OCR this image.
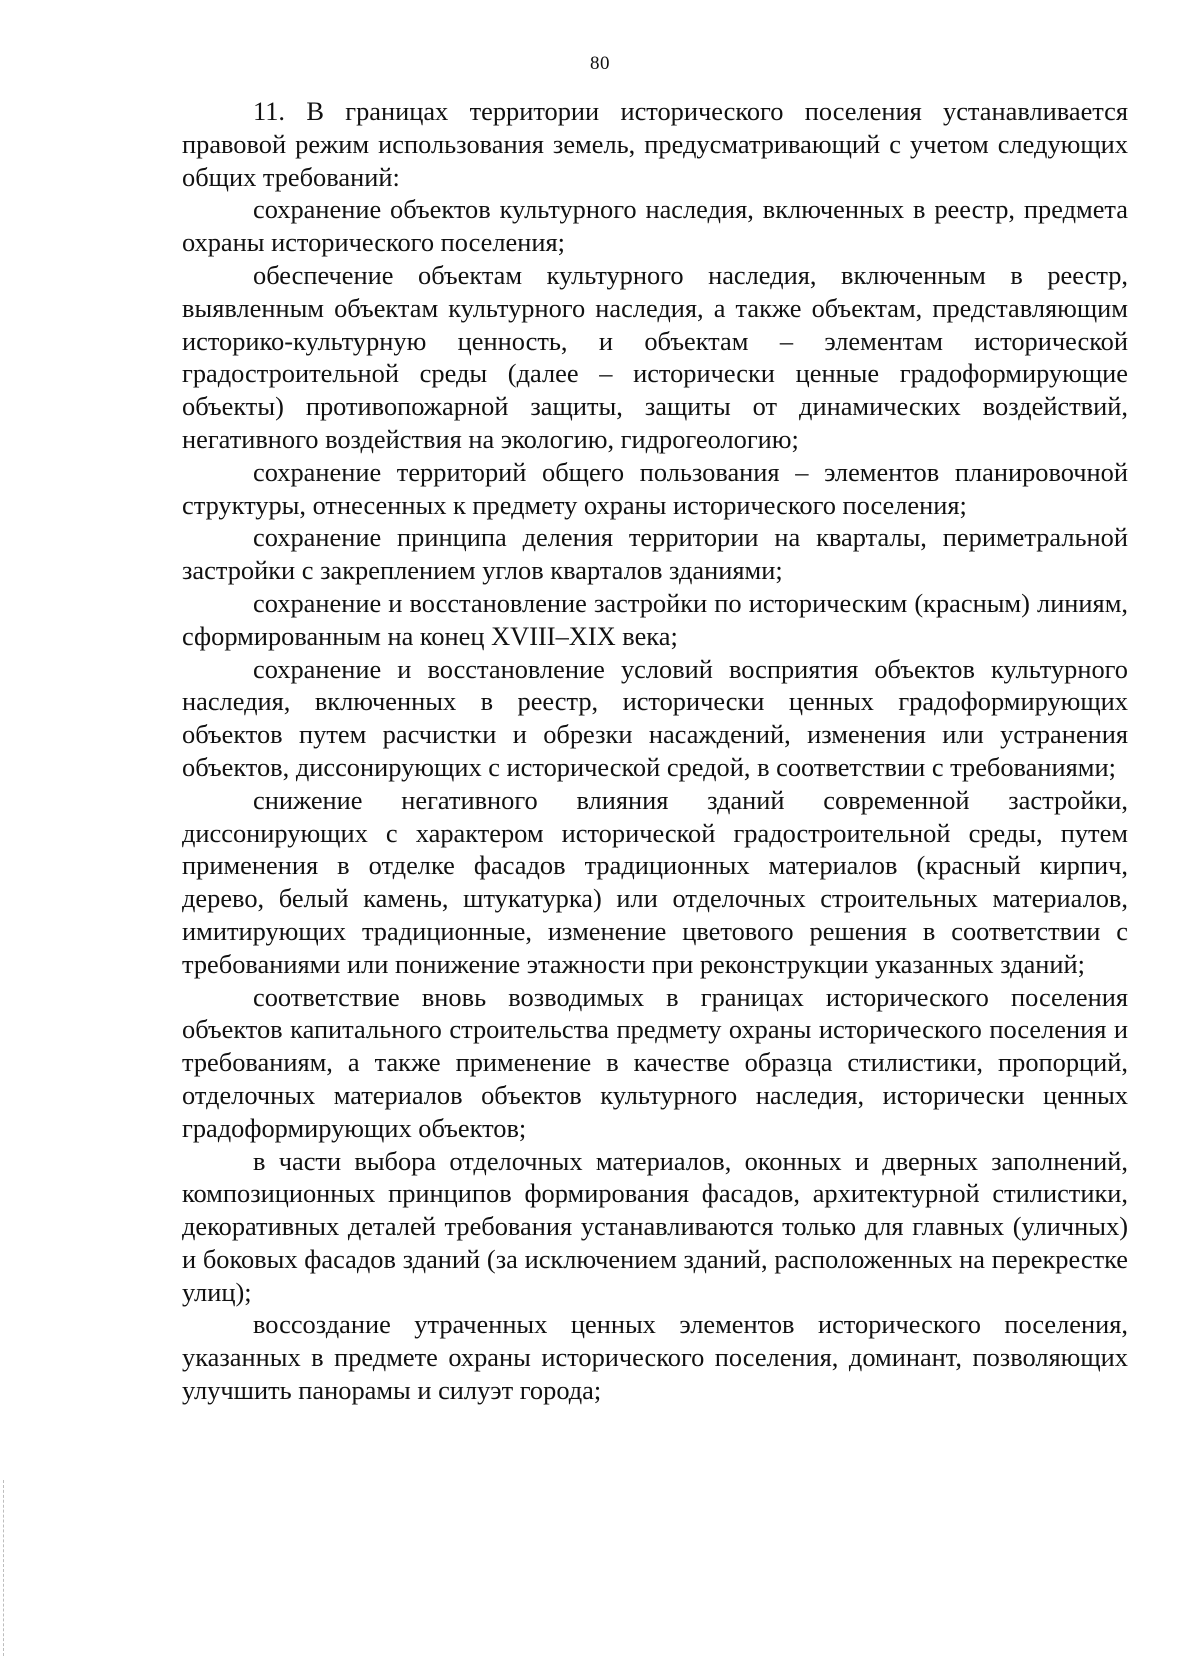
80

11. В границах территории исторического поселения устанавливается правовой режим использования земель, предусматривающий с учетом следующих общих требований:

сохранение объектов культурного наследия, включенных в реестр, предмета охраны исторического поселения;

обеспечение объектам культурного наследия, включенным в реестр, выявленным объектам культурного наследия, а также объектам, представляющим историко-культурную ценность, и объектам – элементам исторической градостроительной среды (далее – исторически ценные градоформирующие объекты) противопожарной защиты, защиты от динамических воздействий, негативного воздействия на экологию, гидрогеологию;

сохранение территорий общего пользования – элементов планировочной структуры, отнесенных к предмету охраны исторического поселения;

сохранение принципа деления территории на кварталы, периметральной застройки с закреплением углов кварталов зданиями;

сохранение и восстановление застройки по историческим (красным) линиям, сформированным на конец XVIII–XIX века;

сохранение и восстановление условий восприятия объектов культурного наследия, включенных в реестр, исторически ценных градоформирующих объектов путем расчистки и обрезки насаждений, изменения или устранения объектов, диссонирующих с исторической средой, в соответствии с требованиями;

снижение негативного влияния зданий современной застройки, диссонирующих с характером исторической градостроительной среды, путем применения в отделке фасадов традиционных материалов (красный кирпич, дерево, белый камень, штукатурка) или отделочных строительных материалов, имитирующих традиционные, изменение цветового решения в соответствии с требованиями или понижение этажности при реконструкции указанных зданий;

соответствие вновь возводимых в границах исторического поселения объектов капитального строительства предмету охраны исторического поселения и требованиям, а также применение в качестве образца стилистики, пропорций, отделочных материалов объектов культурного наследия, исторически ценных градоформирующих объектов;

в части выбора отделочных материалов, оконных и дверных заполнений, композиционных принципов формирования фасадов, архитектурной стилистики, декоративных деталей требования устанавливаются только для главных (уличных) и боковых фасадов зданий (за исключением зданий, расположенных на перекрестке улиц);

воссоздание утраченных ценных элементов исторического поселения, указанных в предмете охраны исторического поселения, доминант, позволяющих улучшить панорамы и силуэт города;
